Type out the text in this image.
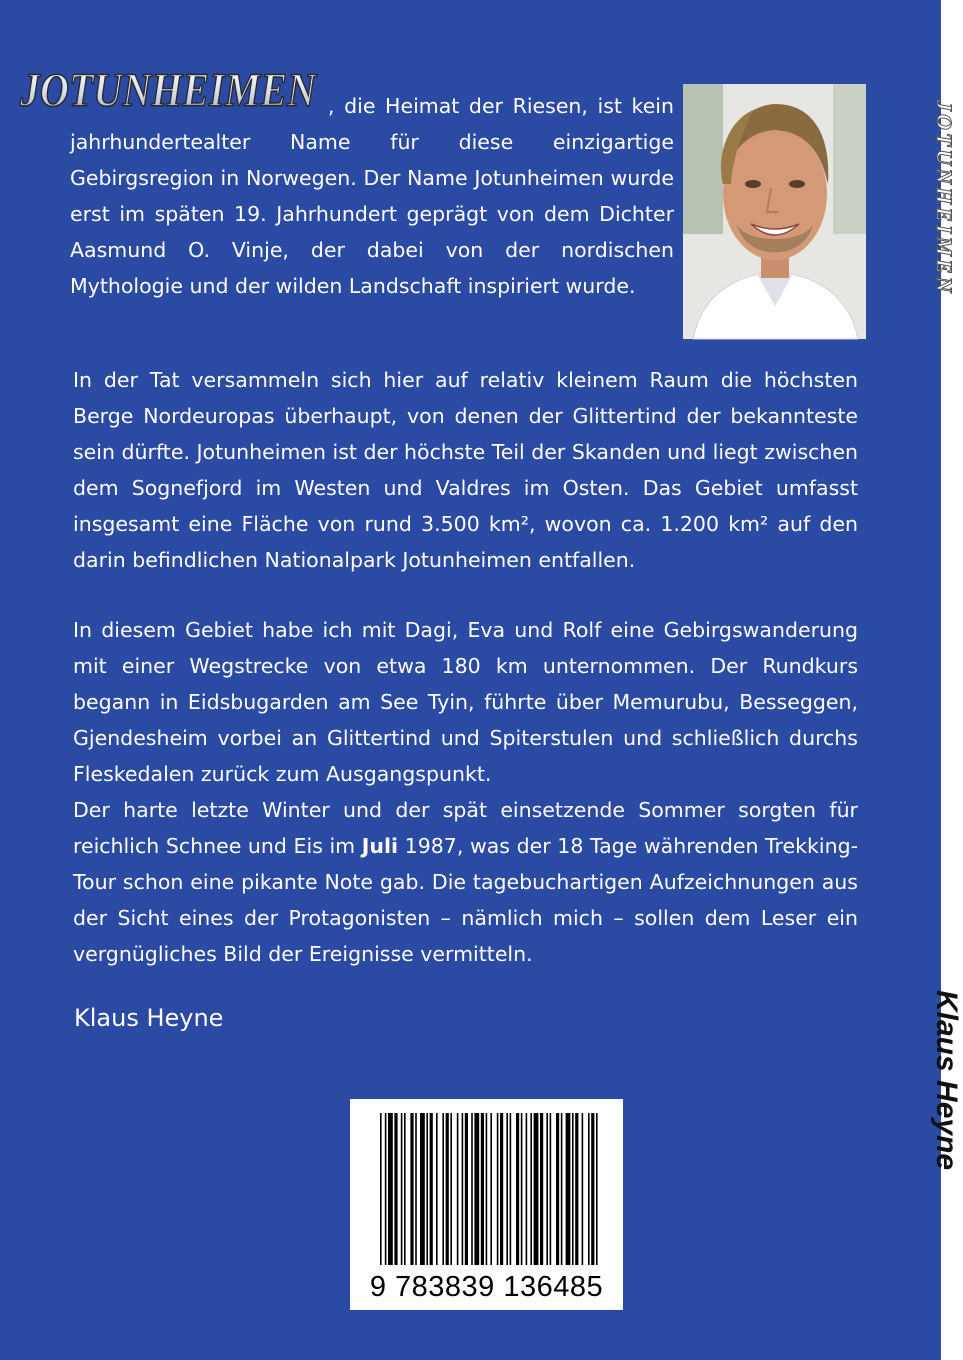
JOTUNHEIMEN , die Heimat der Riesen, ist kein jahrhundertealter Name für diese einzigartige Gebirgsregion in Norwegen. Der Name Jotunheimen wurde erst im späten 19. Jahrhundert geprägt von dem Dichter Aasmund O. Vinje, der dabei von der nordischen Mythologie und der wilden Landschaft inspiriert wurde.

In der Tat versammeln sich hier auf relativ kleinem Raum die höchsten Berge Nordeuropas überhaupt, von denen der Glittertind der bekannteste sein dürfte. Jotunheimen ist der höchste Teil der Skanden und liegt zwischen dem Sognefjord im Westen und Valdres im Osten. Das Gebiet umfasst insgesamt eine Fläche von rund 3.500 km², wovon ca. 1.200 km² auf den darin befindlichen Nationalpark Jotunheimen entfallen.

In diesem Gebiet habe ich mit Dagi, Eva und Rolf eine Gebirgswanderung mit einer Wegstrecke von etwa 180 km unternommen. Der Rundkurs begann in Eidsbugarden am See Tyin, führte über Memurubu, Besseggen, Gjendesheim vorbei an Glittertind und Spiterstulen und schließlich durchs Fleskedalen zurück zum Ausgangspunkt.

Der harte letzte Winter und der spät einsetzende Sommer sorgten für reichlich Schnee und Eis im Juli 1987, was der 18 Tage währenden Trekking-Tour schon eine pikante Note gab. Die tagebuchartigen Aufzeichnungen aus der Sicht eines der Protagonisten – nämlich mich – sollen dem Leser ein vergnügliches Bild der Ereignisse vermitteln.

Klaus Heyne

9 783839 136485
JOTUNHEIMEN
Klaus Heyne
